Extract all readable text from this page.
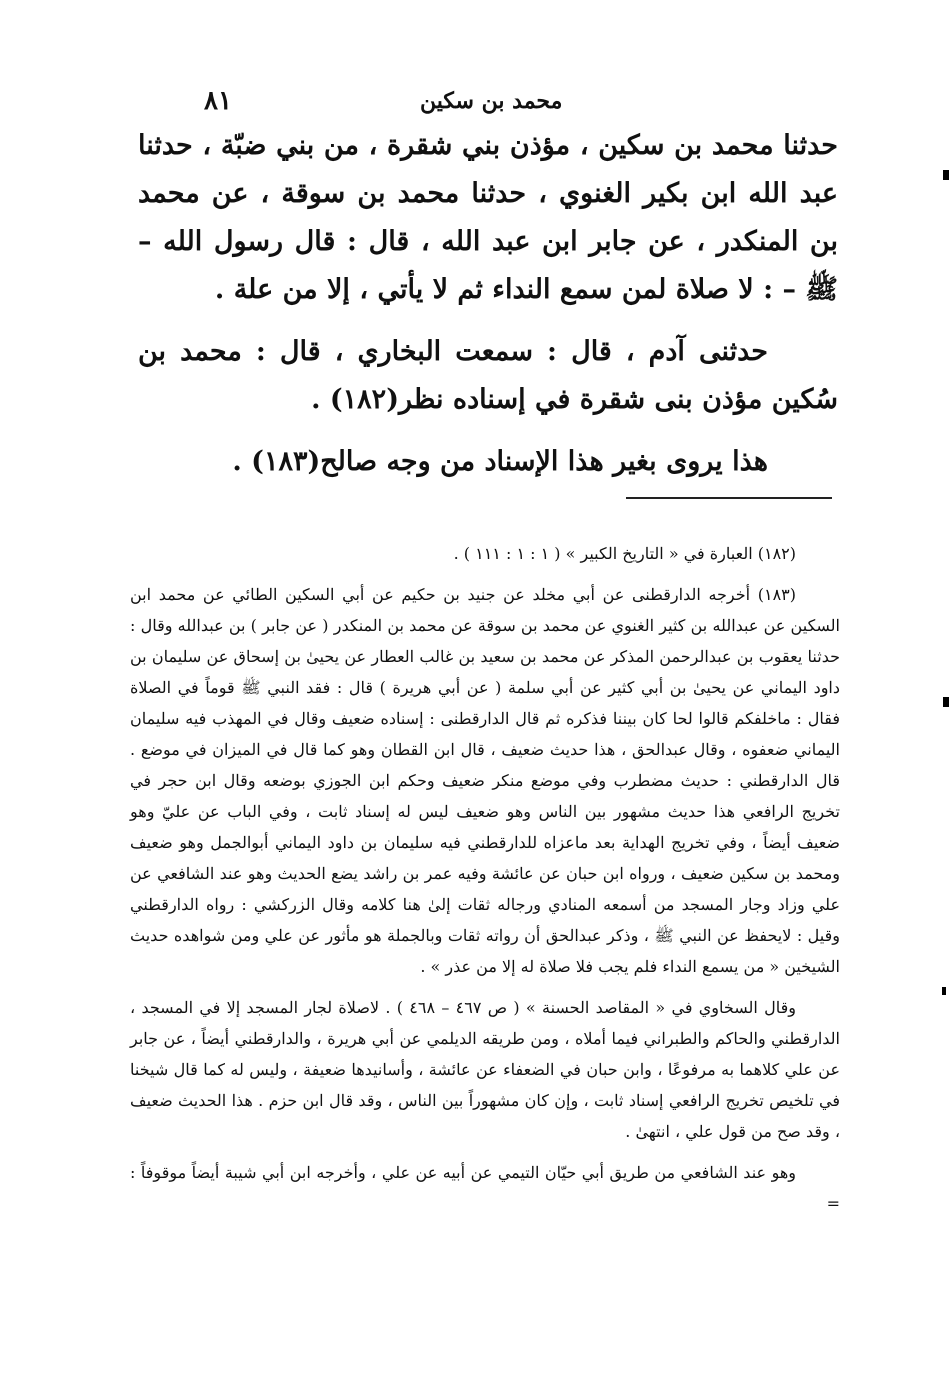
٨١	محمد بن سكين

حدثنا محمد بن سكين ، مؤذن بني شقرة ، من بني ضبّة ، حدثنا عبد الله ابن بكير الغنوي ، حدثنا محمد بن سوقة ، عن محمد بن المنكدر ، عن جابر ابن عبد الله ، قال : قال رسول الله – ﷺ – : لا صلاة لمن سمع النداء ثم لا يأتي ، إلا من علة .

حدثنى آدم ، قال : سمعت البخاري ، قال : محمد بن سُكين مؤذن بنى شقرة في إسناده نظر(١٨٢) .

هذا يروى بغير هذا الإسناد من وجه صالح(١٨٣) .

(١٨٢) العبارة في « التاريخ الكبير » ( ١ : ١ : ١١١ ) .

(١٨٣) أخرجه الدارقطنى عن أبي مخلد عن جنيد بن حكيم عن أبي السكين الطائي عن محمد ابن السكين عن عبدالله بن كثير الغنوي عن محمد بن سوقة عن محمد بن المنكدر ( عن جابر ) بن عبدالله وقال : حدثنا يعقوب بن عبدالرحمن المذكر عن محمد بن سعيد بن غالب العطار عن يحيىٰ بن إسحاق عن سليمان بن داود اليماني عن يحيىٰ بن أبي كثير عن أبي سلمة ( عن أبي هريرة ) قال : فقد النبي ﷺ قوماً في الصلاة فقال : ماخلفكم قالوا لحا كان بيننا فذكره ثم قال الدارقطنى : إسناده ضعيف وقال في المهذب فيه سليمان اليماني ضعفوه ، وقال عبدالحق ، هذا حديث ضعيف ، قال ابن القطان وهو كما قال في الميزان في موضع . قال الدارقطني : حديث مضطرب وفي موضع منكر ضعيف وحكم ابن الجوزي بوضعه وقال ابن حجر في تخريج الرافعي هذا حديث مشهور بين الناس وهو ضعيف ليس له إسناد ثابت ، وفي الباب عن عليّ وهو ضعيف أيضاً ، وفي تخريج الهداية بعد ماعزاه للدارقطني فيه سليمان بن داود اليماني أبوالجمل وهو ضعيف ومحمد بن سكين ضعيف ، ورواه ابن حبان عن عائشة وفيه عمر بن راشد يضع الحديث وهو عند الشافعي عن علي وزاد وجار المسجد من أسمعه المنادي ورجاله ثقات إلىٰ هنا كلامه وقال الزركشي : رواه الدارقطني وقيل : لايحفظ عن النبي ﷺ ، وذكر عبدالحق أن رواته ثقات وبالجملة هو مأثور عن علي ومن شواهده حديث الشيخين « من يسمع النداء فلم يجب فلا صلاة له إلا من عذر » .

وقال السخاوي في « المقاصد الحسنة » ( ص ٤٦٧ – ٤٦٨ ) . لاصلاة لجار المسجد إلا في المسجد ، الدارقطني والحاكم والطبراني فيما أملاه ، ومن طريقه الديلمي عن أبي هريرة ، والدارقطني أيضاً ، عن جابر عن علي كلاهما به مرفوعًا ، وابن حبان في الضعفاء عن عائشة ، وأسانيدها ضعيفة ، وليس له كما قال شيخنا في تلخيص تخريج الرافعي إسناد ثابت ، وإن كان مشهوراً بين الناس ، وقد قال ابن حزم . هذا الحديث ضعيف ، وقد صح من قول علي ، انتهىٰ .

وهو عند الشافعي من طريق أبي حيّان التيمي عن أبيه عن علي ، وأخرجه ابن أبي شيبة أيضاً موقوفاً : =
